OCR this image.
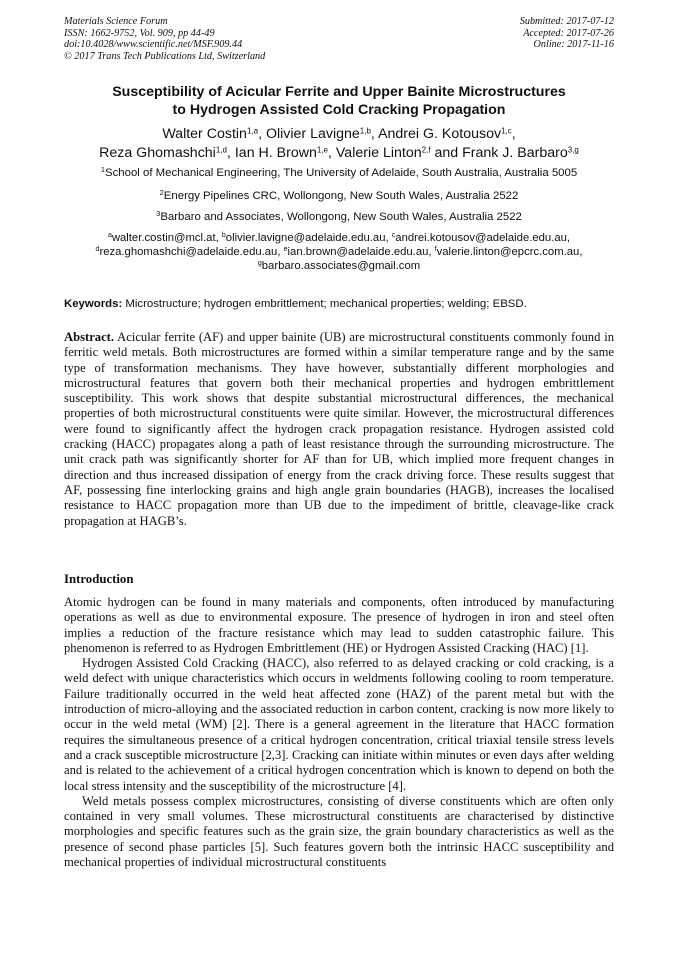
Materials Science Forum
ISSN: 1662-9752, Vol. 909, pp 44-49
doi:10.4028/www.scientific.net/MSF.909.44
© 2017 Trans Tech Publications Ltd, Switzerland
Submitted: 2017-07-12
Accepted: 2017-07-26
Online: 2017-11-16
Susceptibility of Acicular Ferrite and Upper Bainite Microstructures
to Hydrogen Assisted Cold Cracking Propagation
Walter Costin$^{1,a}$, Olivier Lavigne$^{1,b}$, Andrei G. Kotousov$^{1,c}$,
Reza Ghomashchi$^{1,d}$, Ian H. Brown$^{1,e}$, Valerie Linton$^{2,f}$ and Frank J. Barbaro$^{3,g}$
$^1$School of Mechanical Engineering, The University of Adelaide, South Australia, Australia 5005
$^2$Energy Pipelines CRC, Wollongong, New South Wales, Australia 2522
$^3$Barbaro and Associates, Wollongong, New South Wales, Australia 2522
$^a$walter.costin@mcl.at, $^b$olivier.lavigne@adelaide.edu.au, $^c$andrei.kotousov@adelaide.edu.au,
$^d$reza.ghomashchi@adelaide.edu.au, $^e$ian.brown@adelaide.edu.au, $^f$valerie.linton@epcrc.com.au,
$^g$barbaro.associates@gmail.com
Keywords: Microstructure; hydrogen embrittlement; mechanical properties; welding; EBSD.

Abstract. Acicular ferrite (AF) and upper bainite (UB) are microstructural constituents commonly found in ferritic weld metals. Both microstructures are formed within a similar temperature range and by the same type of transformation mechanisms. They have however, substantially different morphologies and microstructural features that govern both their mechanical properties and hydrogen embrittlement susceptibility. This work shows that despite substantial microstructural differences, the mechanical properties of both microstructural constituents were quite similar. However, the microstructural differences were found to significantly affect the hydrogen crack propagation resistance. Hydrogen assisted cold cracking (HACC) propagates along a path of least resistance through the surrounding microstructure. The unit crack path was significantly shorter for AF than for UB, which implied more frequent changes in direction and thus increased dissipation of energy from the crack driving force. These results suggest that AF, possessing fine interlocking grains and high angle grain boundaries (HAGB), increases the localised resistance to HACC propagation more than UB due to the impediment of brittle, cleavage-like crack propagation at HAGB’s.

Introduction

Atomic hydrogen can be found in many materials and components, often introduced by manufacturing operations as well as due to environmental exposure. The presence of hydrogen in iron and steel often implies a reduction of the fracture resistance which may lead to sudden catastrophic failure. This phenomenon is referred to as Hydrogen Embrittlement (HE) or Hydrogen Assisted Cracking (HAC) [1].

Hydrogen Assisted Cold Cracking (HACC), also referred to as delayed cracking or cold cracking, is a weld defect with unique characteristics which occurs in weldments following cooling to room temperature. Failure traditionally occurred in the weld heat affected zone (HAZ) of the parent metal but with the introduction of micro-alloying and the associated reduction in carbon content, cracking is now more likely to occur in the weld metal (WM) [2]. There is a general agreement in the literature that HACC formation requires the simultaneous presence of a critical hydrogen concentration, critical triaxial tensile stress levels and a crack susceptible microstructure [2,3]. Cracking can initiate within minutes or even days after welding and is related to the achievement of a critical hydrogen concentration which is known to depend on both the local stress intensity and the susceptibility of the microstructure [4].

Weld metals possess complex microstructures, consisting of diverse constituents which are often only contained in very small volumes. These microstructural constituents are characterised by distinctive morphologies and specific features such as the grain size, the grain boundary characteristics as well as the presence of second phase particles [5]. Such features govern both the intrinsic HACC susceptibility and mechanical properties of individual microstructural constituents
